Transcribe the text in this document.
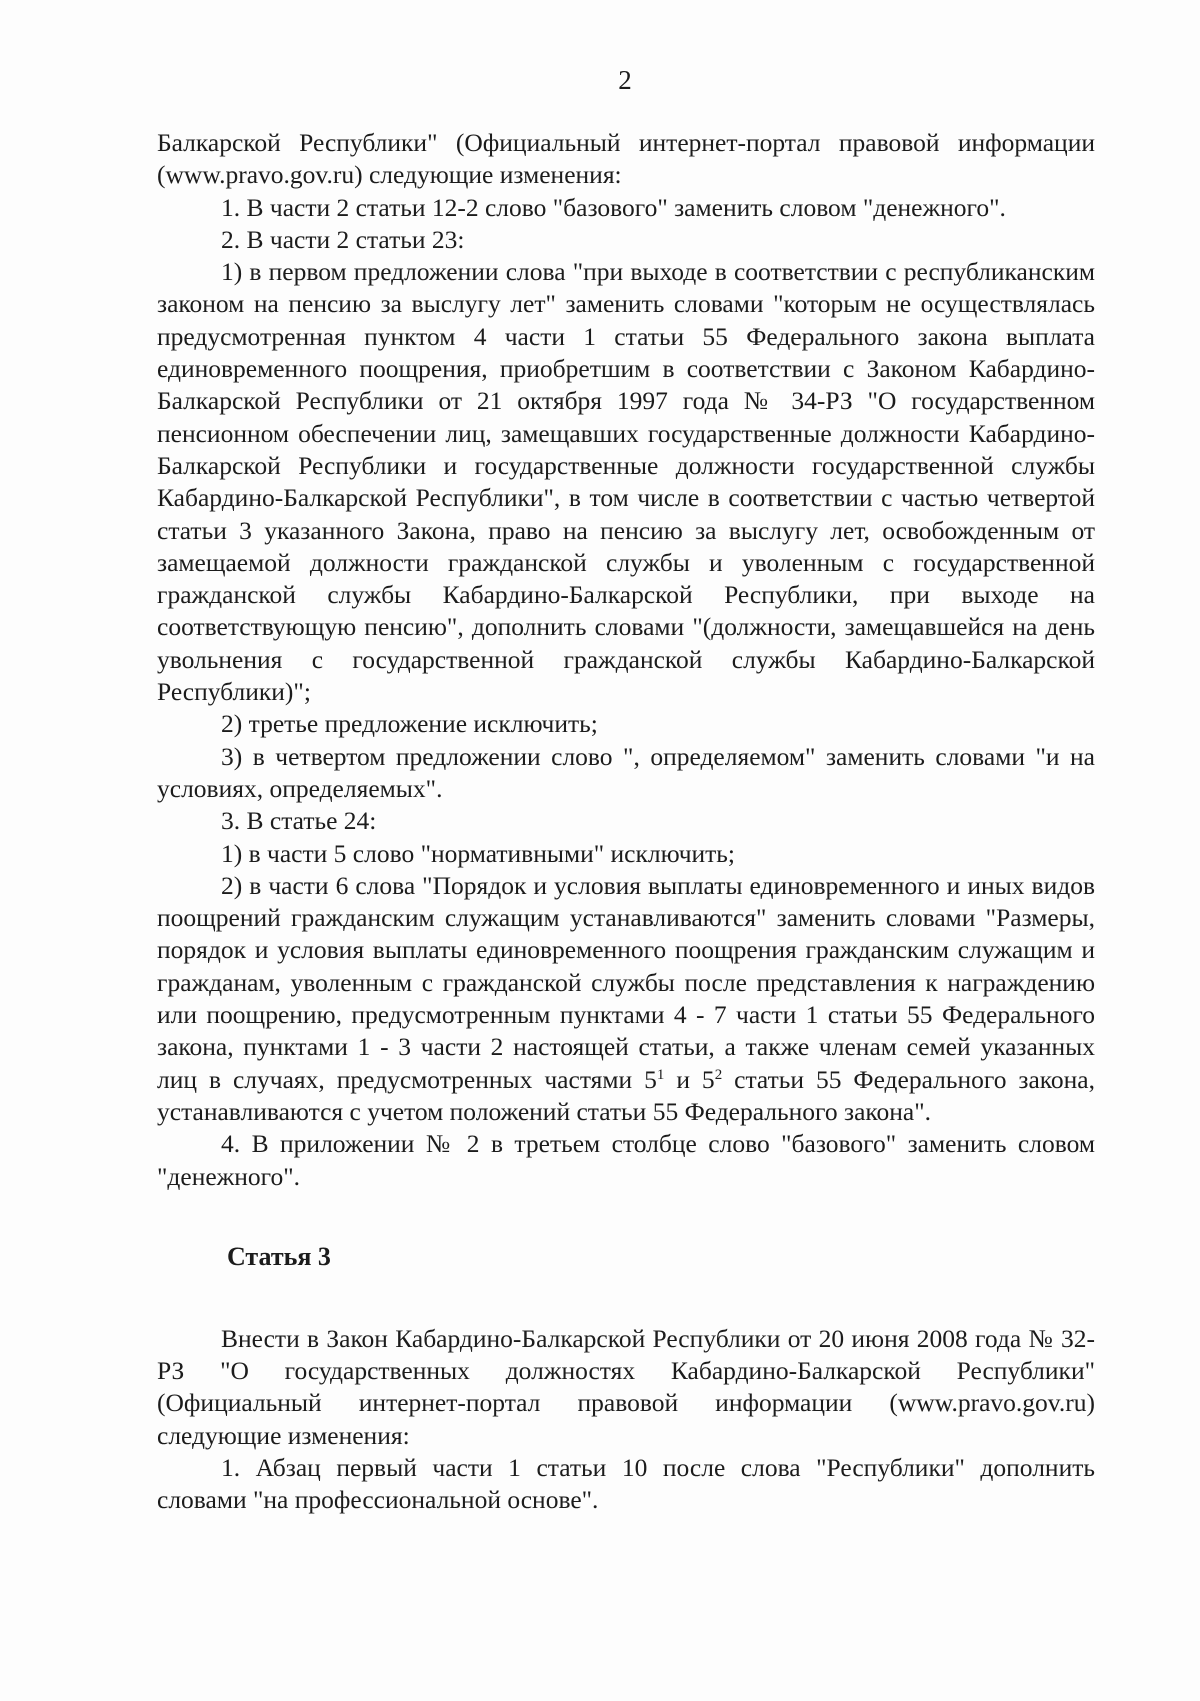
2

Балкарской Республики" (Официальный интернет-портал правовой информации (www.pravo.gov.ru) следующие изменения:

1. В части 2 статьи 12-2 слово "базового" заменить словом "денежного".

2. В части 2 статьи 23:

1) в первом предложении слова "при выходе в соответствии с республиканским законом на пенсию за выслугу лет" заменить словами "которым не осуществлялась предусмотренная пунктом 4 части 1 статьи 55 Федерального закона выплата единовременного поощрения, приобретшим в соответствии с Законом Кабардино-Балкарской Республики от 21 октября 1997 года № 34-РЗ "О государственном пенсионном обеспечении лиц, замещавших государственные должности Кабардино-Балкарской Республики и государственные должности государственной службы Кабардино-Балкарской Республики", в том числе в соответствии с частью четвертой статьи 3 указанного Закона, право на пенсию за выслугу лет, освобожденным от замещаемой должности гражданской службы и уволенным с государственной гражданской службы Кабардино-Балкарской Республики, при выходе на соответствующую пенсию", дополнить словами "(должности, замещавшейся на день увольнения с государственной гражданской службы Кабардино-Балкарской Республики)";

2) третье предложение исключить;

3) в четвертом предложении слово ", определяемом" заменить словами "и на условиях, определяемых".

3. В статье 24:

1) в части 5 слово "нормативными" исключить;

2) в части 6 слова "Порядок и условия выплаты единовременного и иных видов поощрений гражданским служащим устанавливаются" заменить словами "Размеры, порядок и условия выплаты единовременного поощрения гражданским служащим и гражданам, уволенным с гражданской службы после представления к награждению или поощрению, предусмотренным пунктами 4 - 7 части 1 статьи 55 Федерального закона, пунктами 1 - 3 части 2 настоящей статьи, а также членам семей указанных лиц в случаях, предусмотренных частями $5^1$ и $5^2$ статьи 55 Федерального закона, устанавливаются с учетом положений статьи 55 Федерального закона".

4. В приложении № 2 в третьем столбце слово "базового" заменить словом "денежного".

Статья 3

Внести в Закон Кабардино-Балкарской Республики от 20 июня 2008 года № 32-РЗ "О государственных должностях Кабардино-Балкарской Республики" (Официальный интернет-портал правовой информации (www.pravo.gov.ru) следующие изменения:

1. Абзац первый части 1 статьи 10 после слова "Республики" дополнить словами "на профессиональной основе".
